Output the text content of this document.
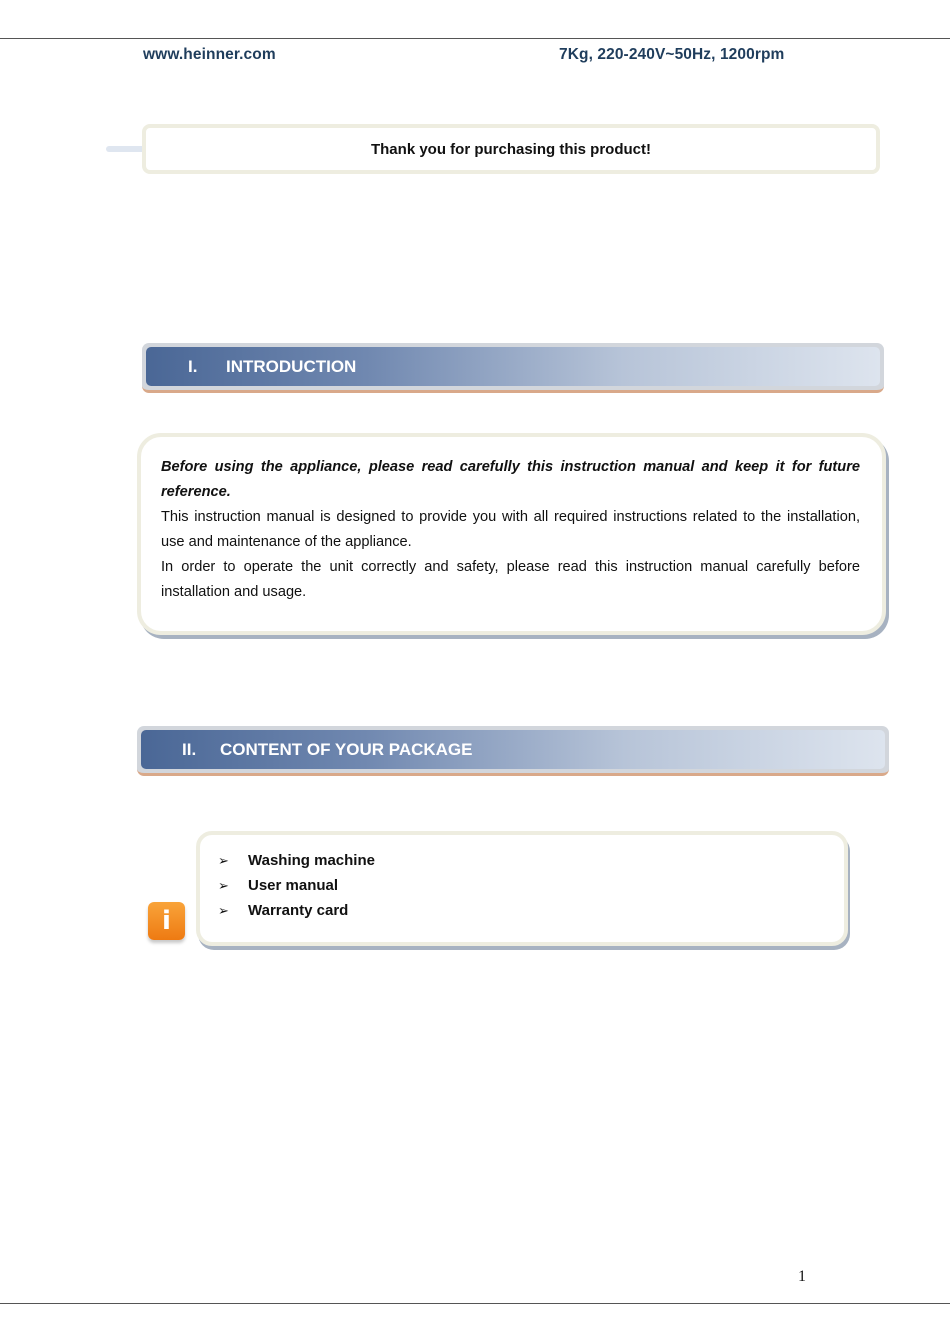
www.heinner.com	7Kg, 220-240V~50Hz, 1200rpm
Thank you for purchasing this product!
I.	INTRODUCTION

Before using the appliance, please read carefully this instruction manual and keep it for future reference.

This instruction manual is designed to provide you with all required instructions related to the installation, use and maintenance of the appliance.

In order to operate the unit correctly and safety, please read this instruction manual carefully before installation and usage.

II.	CONTENT OF YOUR PACKAGE
i
➢	Washing machine
➢	User manual
➢	Warranty card
1
